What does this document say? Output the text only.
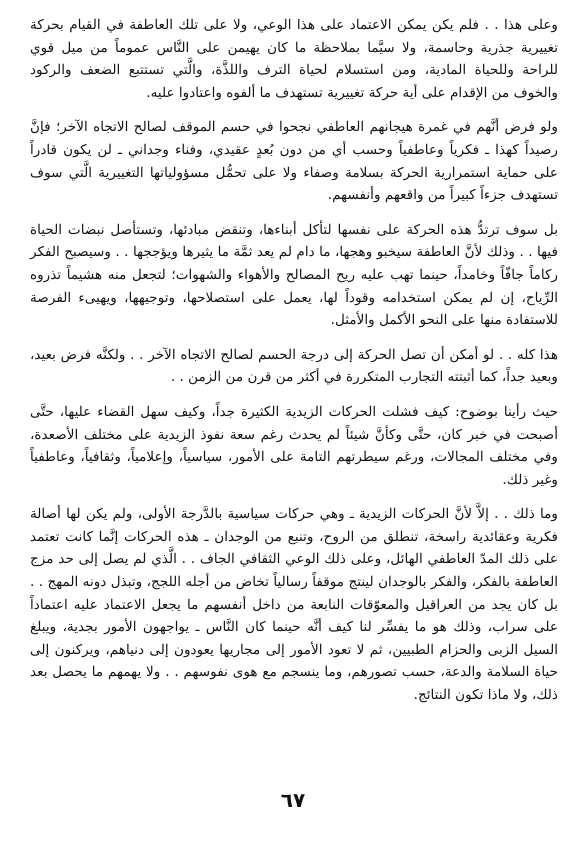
وعلى هذا . . فلم يكن يمكن الاعتماد على هذا الوعي، ولا على تلك العاطفة في القيام بحركة تغييرية جذرية وحاسمة، ولا سيَّما بملاحظة ما كان يهيمن على النَّاس عموماً من ميل قوي للراحة وللحياة المادية، ومن استسلام لحياة الترف واللذَّة، والَّتي تستتبع الضعف والركود والخوف من الإقدام على أية حركة تغييرية تستهدف ما ألفوه واعتادوا عليه.

ولو فرض أنَّهم في غمرة هيجانهم العاطفي نجحوا في حسم الموقف لصالح الاتجاه الآخر؛ فإنَّ رصيداً كهذا ـ فكرياً وعاطفياً وحسب أي من دون بُعدٍ عقيدي، وفناء وجداني ـ لن يكون قادراً على حماية استمرارية الحركة بسلامة وصفاء ولا على تحمُّل مسؤولياتها التغييرية الَّتي سوف تستهدف جزءاً كبيراً من واقعهم وأنفسهم.

بل سوف ترتدُّ هذه الحركة على نفسها لتأكل أبناءها، وتنقض مبادئها، وتستأصل نبضات الحياة فيها . . وذلك لأنَّ العاطفة سيخبو وهجها، ما دام لم يعد ثمَّة ما يثيرها ويؤججها . . وسيصبح الفكر ركاماً جافّاً وخامداً، حينما تهب عليه ريح المصالح والأهواء والشهوات؛ لتجعل منه هشيماً تذروه الرِّياح، إن لم يمكن استخدامه وقوداً لها، يعمل على استصلاحها، وتوجيهها، ويهيىء الفرصة للاستفادة منها على النحو الأكمل والأمثل.

هذا كله . . لو أمكن أن تصل الحركة إلى درجة الحسم لصالح الاتجاه الآخر . . ولكنَّه فرض بعيد، وبعيد جداً، كما أثبتته التجارب المتكررة في أكثر من قرن من الزمن . .

حيث رأينا بوضوح: كيف فشلت الحركات الزيدية الكثيرة جداً، وكيف سهل القضاء عليها، حتَّى أصبحت في خبر كان، حتَّى وكأنَّ شيئاً لم يحدث رغم سعة نفوذ الزيدية على مختلف الأصعدة، وفي مختلف المجالات، ورغم سيطرتهم التامة على الأمور، سياسياً، وإعلامياً، وثقافياً، وعاطفياً وغير ذلك.

وما ذلك . . إلاَّ لأنَّ الحركات الزيدية ـ وهي حركات سياسية بالدَّرجة الأولى، ولم يكن لها أصالة فكرية وعقائدية راسخة، تنطلق من الروح، وتنبع من الوجدان ـ هذه الحركات إنَّما كانت تعتمد على ذلك المدّ العاطفي الهائل، وعلى ذلك الوعي الثقافي الجاف . . الَّذي لم يصل إلى حد مزج العاطفة بالفكر، والفكر بالوجدان لينتج موقفاً رسالياً تخاض من أجله اللجج، وتبذل دونه المهج . . بل كان يجد من العراقيل والمعوّقات النابعة من داخل أنفسهم ما يجعل الاعتماد عليه اعتماداً على سراب، وذلك هو ما يفسِّر لنا كيف أنَّه حينما كان النَّاس ـ يواجهون الأمور بجدية، ويبلغ السيل الزبى والحزام الطبيين، ثم لا تعود الأمور إلى مجاريها يعودون إلى دنياهم، ويركنون إلى حياة السلامة والدعة، حسب تصورهم، وما ينسجم مع هوى نفوسهم . . ولا يهمهم ما يحصل بعد ذلك، ولا ماذا تكون النتائج.

٦٧
